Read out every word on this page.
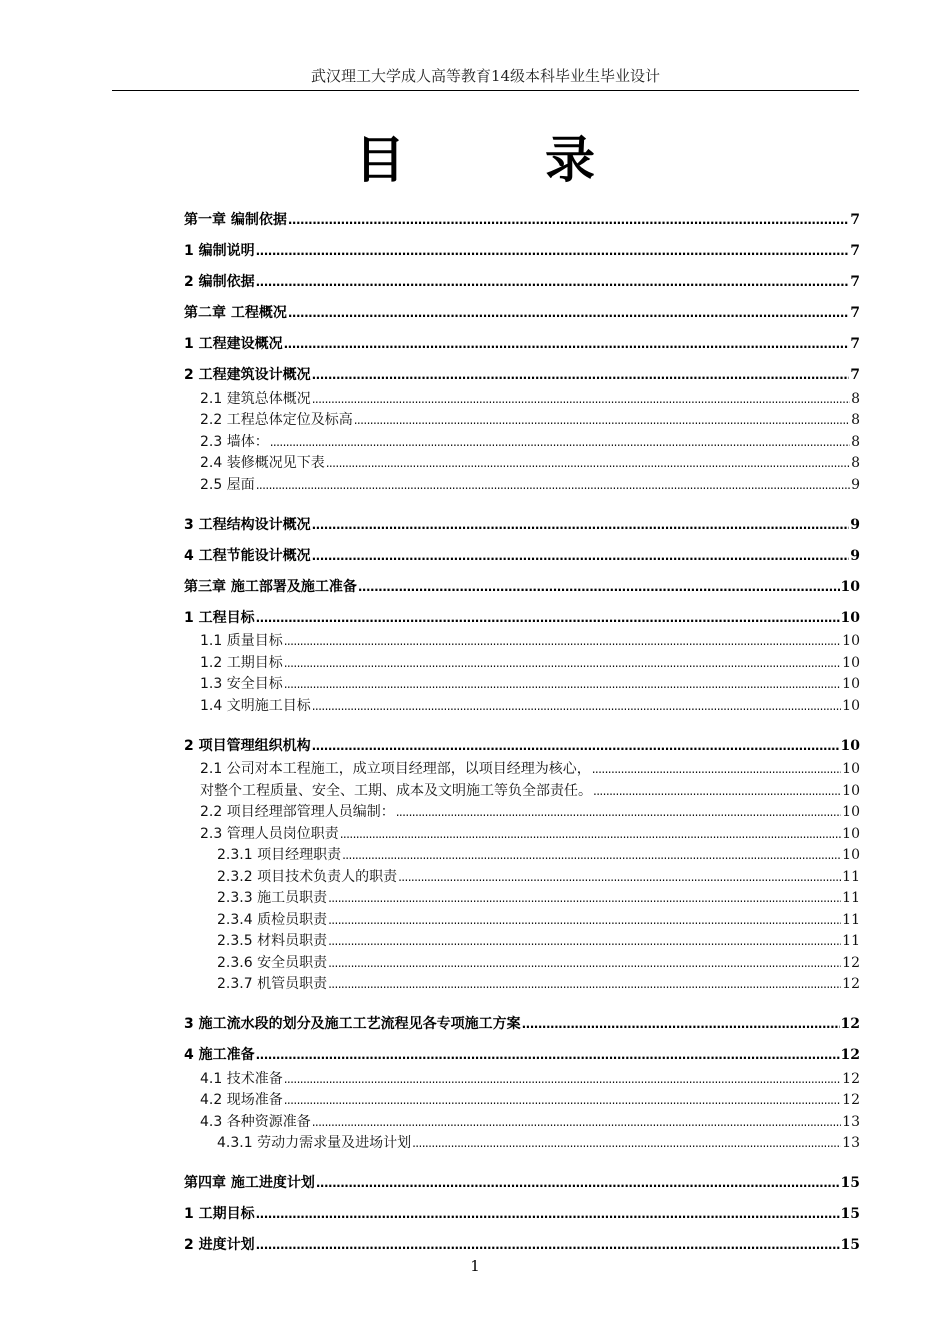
武汉理工大学成人高等教育14级本科毕业生毕业设计
目	录
第一章 编制依据 .....	7
1 编制说明 .....	7
2 编制依据 .....	7
第二章 工程概况 .....	7
1 工程建设概况 .....	7
2 工程建筑设计概况 .....	7
2.1 建筑总体概况 .....	8
2.2 工程总体定位及标高 .....	8
2.3 墙体： .....	8
2.4 装修概况见下表 .....	8
2.5 屋面 .....	9
3 工程结构设计概况 .....	9
4 工程节能设计概况 .....	9
第三章 施工部署及施工准备 .....	10
1 工程目标 .....	10
1.1 质量目标 .....	10
1.2 工期目标 .....	10
1.3 安全目标 .....	10
1.4 文明施工目标 .....	10
2 项目管理组织机构 .....	10
2.1 公司对本工程施工，成立项目经理部，以项目经理为核心， .....	10
对整个工程质量、安全、工期、成本及文明施工等负全部责任。 .....	10
2.2 项目经理部管理人员编制： .....	10
2.3 管理人员岗位职责 .....	10
2.3.1 项目经理职责 .....	10
2.3.2 项目技术负责人的职责 .....	11
2.3.3 施工员职责 .....	11
2.3.4 质检员职责 .....	11
2.3.5 材料员职责 .....	11
2.3.6 安全员职责 .....	12
2.3.7 机管员职责 .....	12
3 施工流水段的划分及施工工艺流程见各专项施工方案 .....	12
4 施工准备 .....	12
4.1 技术准备 .....	12
4.2 现场准备 .....	12
4.3 各种资源准备 .....	13
4.3.1 劳动力需求量及进场计划 .....	13
第四章 施工进度计划 .....	15
1 工期目标 .....	15
2 进度计划 .....	15
1
